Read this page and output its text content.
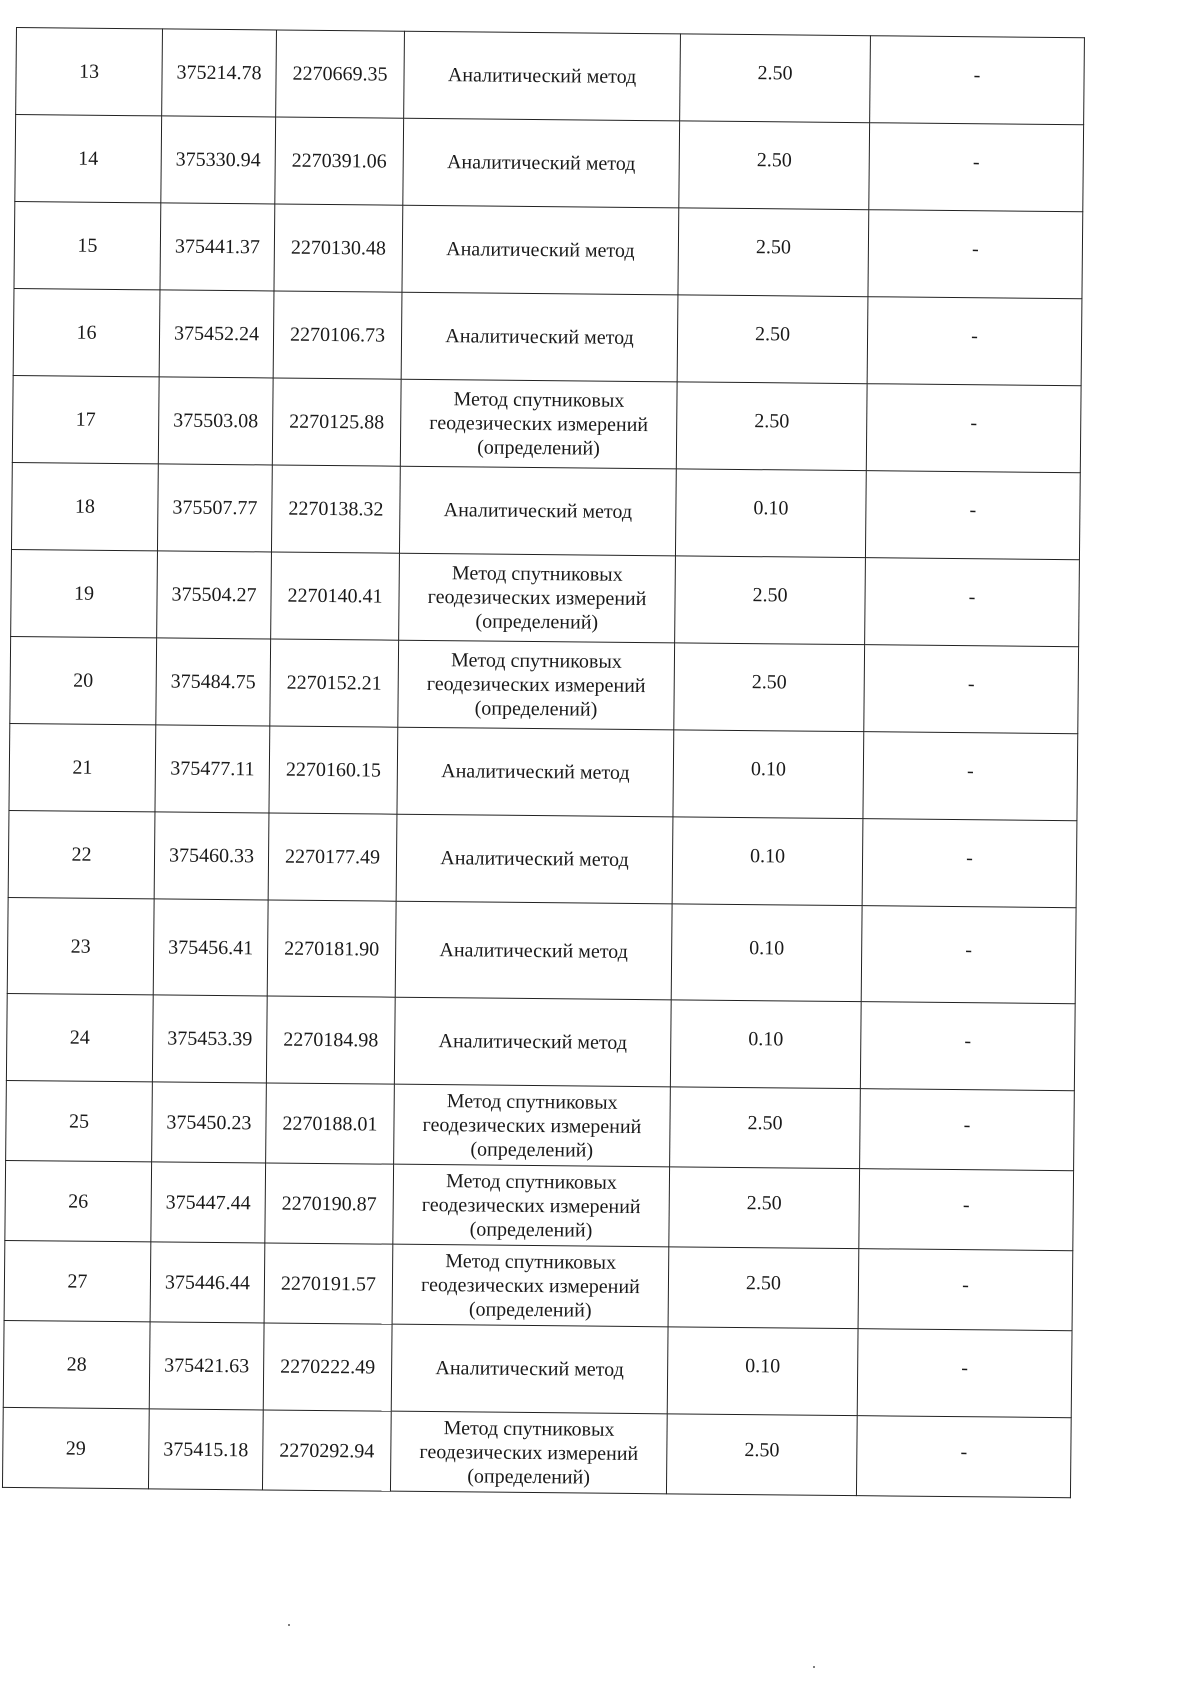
13	375214.78	2270669.35	Аналитический метод	2.50	-
14	375330.94	2270391.06	Аналитический метод	2.50	-
15	375441.37	2270130.48	Аналитический метод	2.50	-
16	375452.24	2270106.73	Аналитический метод	2.50	-
17	375503.08	2270125.88	Метод спутниковых геодезических измерений (определений)	2.50	-
18	375507.77	2270138.32	Аналитический метод	0.10	-
19	375504.27	2270140.41	Метод спутниковых геодезических измерений (определений)	2.50	-
20	375484.75	2270152.21	Метод спутниковых геодезических измерений (определений)	2.50	-
21	375477.11	2270160.15	Аналитический метод	0.10	-
22	375460.33	2270177.49	Аналитический метод	0.10	-
23	375456.41	2270181.90	Аналитический метод	0.10	-
24	375453.39	2270184.98	Аналитический метод	0.10	-
25	375450.23	2270188.01	Метод спутниковых геодезических измерений (определений)	2.50	-
26	375447.44	2270190.87	Метод спутниковых геодезических измерений (определений)	2.50	-
27	375446.44	2270191.57	Метод спутниковых геодезических измерений (определений)	2.50	-
28	375421.63	2270222.49	Аналитический метод	0.10	-
29	375415.18	2270292.94	Метод спутниковых геодезических измерений (определений)	2.50	-
